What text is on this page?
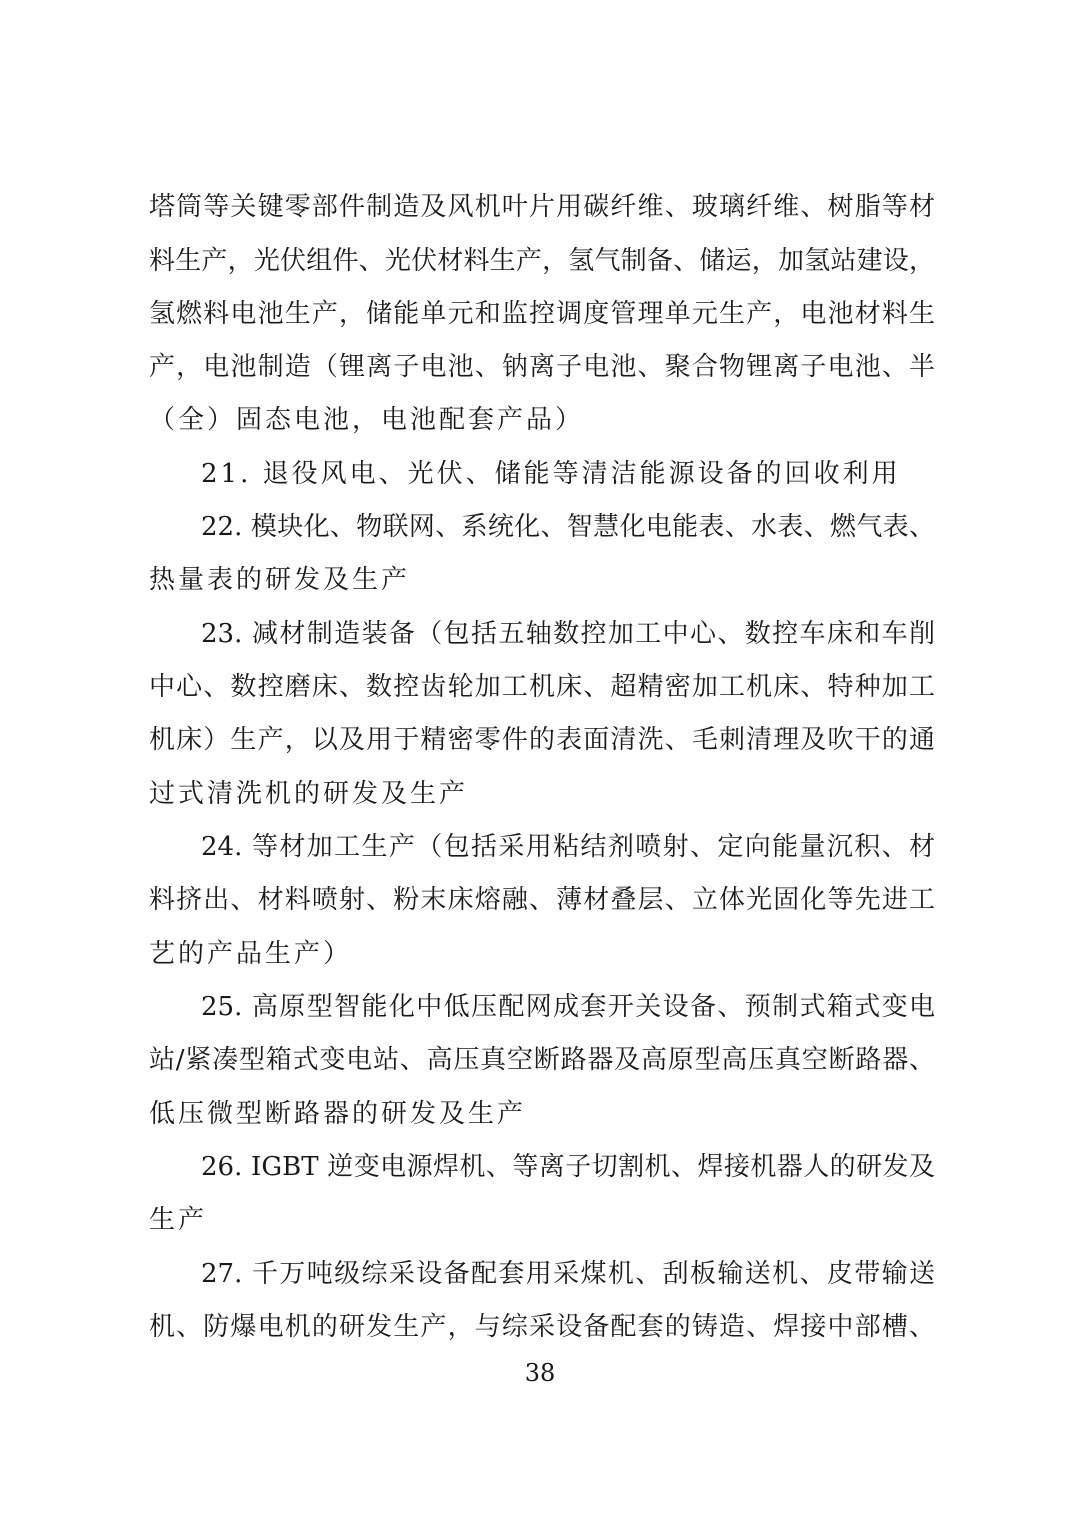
塔筒等关键零部件制造及风机叶片用碳纤维、玻璃纤维、树脂等材
料生产，光伏组件、光伏材料生产，氢气制备、储运，加氢站建设，
氢燃料电池生产，储能单元和监控调度管理单元生产，电池材料生
产，电池制造（锂离子电池、钠离子电池、聚合物锂离子电池、半
（全）固态电池，电池配套产品）
21. 退役风电、光伏、储能等清洁能源设备的回收利用
22. 模块化、物联网、系统化、智慧化电能表、水表、燃气表、
热量表的研发及生产
23. 减材制造装备（包括五轴数控加工中心、数控车床和车削
中心、数控磨床、数控齿轮加工机床、超精密加工机床、特种加工
机床）生产，以及用于精密零件的表面清洗、毛刺清理及吹干的通
过式清洗机的研发及生产
24. 等材加工生产（包括采用粘结剂喷射、定向能量沉积、材
料挤出、材料喷射、粉末床熔融、薄材叠层、立体光固化等先进工
艺的产品生产）
25. 高原型智能化中低压配网成套开关设备、预制式箱式变电
站/紧凑型箱式变电站、高压真空断路器及高原型高压真空断路器、
低压微型断路器的研发及生产
26. IGBT 逆变电源焊机、等离子切割机、焊接机器人的研发及
生产
27. 千万吨级综采设备配套用采煤机、刮板输送机、皮带输送
机、防爆电机的研发生产，与综采设备配套的铸造、焊接中部槽、
38
